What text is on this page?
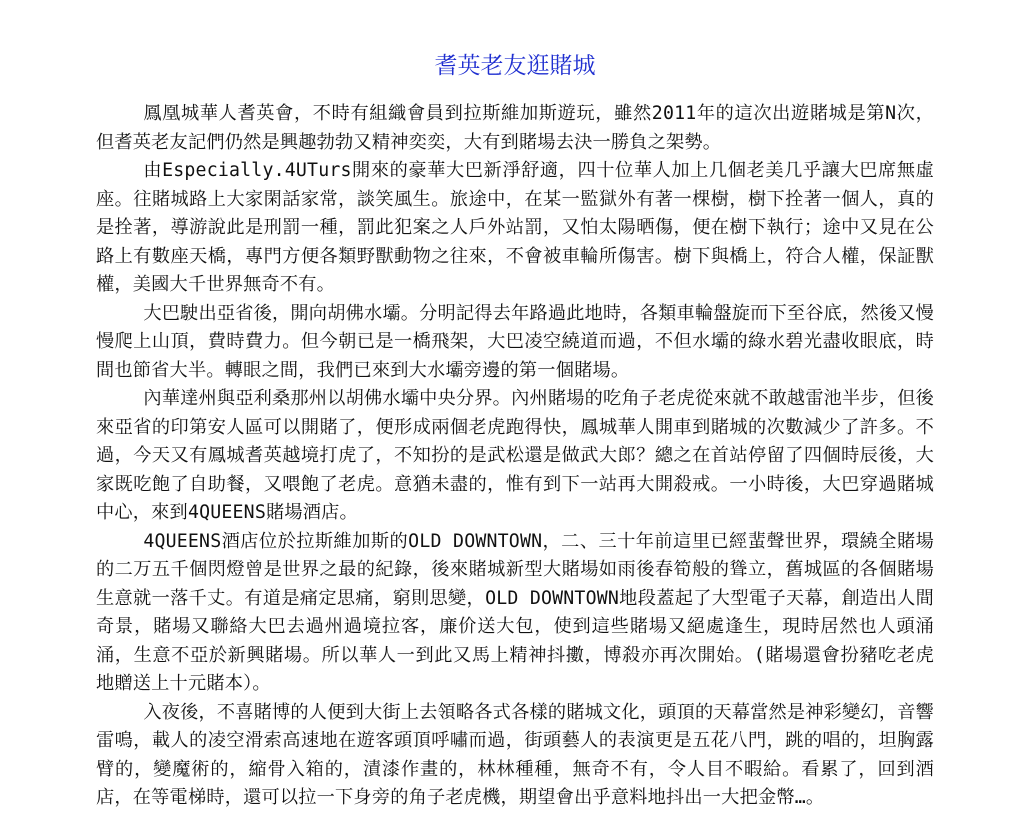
耆英老友逛賭城

鳳凰城華人耆英會，不時有組織會員到拉斯維加斯遊玩，雖然2011年的這次出遊賭城是第N次，但耆英老友記們仍然是興趣勃勃又精神奕奕，大有到賭場去決一勝負之架勢。

由Especially.4UTurs開來的豪華大巴新淨舒適，四十位華人加上几個老美几乎讓大巴席無虛座。往賭城路上大家閑話家常，談笑風生。旅途中，在某一監獄外有著一棵樹，樹下拴著一個人，真的是拴著，導游說此是刑罰一種，罰此犯案之人戶外站罰，又怕太陽晒傷，便在樹下執行；途中又見在公路上有數座天橋，專門方便各類野獸動物之往來，不會被車輪所傷害。樹下與橋上，符合人權，保証獸權，美國大千世界無奇不有。

大巴駛出亞省後，開向胡佛水壩。分明記得去年路過此地時，各類車輪盤旋而下至谷底，然後又慢慢爬上山頂，費時費力。但今朝已是一橋飛架，大巴凌空繞道而過，不但水壩的綠水碧光盡收眼底，時間也節省大半。轉眼之間，我們已來到大水壩旁邊的第一個賭場。

內華達州與亞利桑那州以胡佛水壩中央分界。內州賭場的吃角子老虎從來就不敢越雷池半步，但後來亞省的印第安人區可以開賭了，便形成兩個老虎跑得快，鳳城華人開車到賭城的次數減少了許多。不過，今天又有鳳城耆英越境打虎了，不知扮的是武松還是做武大郎？總之在首站停留了四個時辰後，大家既吃飽了自助餐，又喂飽了老虎。意猶未盡的，惟有到下一站再大開殺戒。一小時後，大巴穿過賭城中心，來到4QUEENS賭場酒店。

4QUEENS酒店位於拉斯維加斯的OLD DOWNTOWN，二、三十年前這里已經蜚聲世界，環繞全賭場的二万五千個閃燈曾是世界之最的紀錄，後來賭城新型大賭場如雨後春筍般的聳立，舊城區的各個賭場生意就一落千丈。有道是痛定思痛，窮則思變，OLD DOWNTOWN地段蓋起了大型電子天幕，創造出人間奇景，賭場又聯絡大巴去過州過境拉客，廉价送大包，使到這些賭場又絕處逢生，現時居然也人頭涌涌，生意不亞於新興賭場。所以華人一到此又馬上精神抖擻，博殺亦再次開始。(賭場還會扮豬吃老虎地贈送上十元賭本）。

入夜後，不喜賭博的人便到大街上去領略各式各樣的賭城文化，頭頂的天幕當然是神彩變幻，音響雷鳴，載人的凌空滑索高速地在遊客頭頂呼嘯而過，街頭藝人的表演更是五花八門，跳的唱的，坦胸露臂的，變魔術的，縮骨入箱的，漬漆作畫的，林林種種，無奇不有，令人目不暇給。看累了，回到酒店，在等電梯時，還可以拉一下身旁的角子老虎機，期望會出乎意料地抖出一大把金幣…。
